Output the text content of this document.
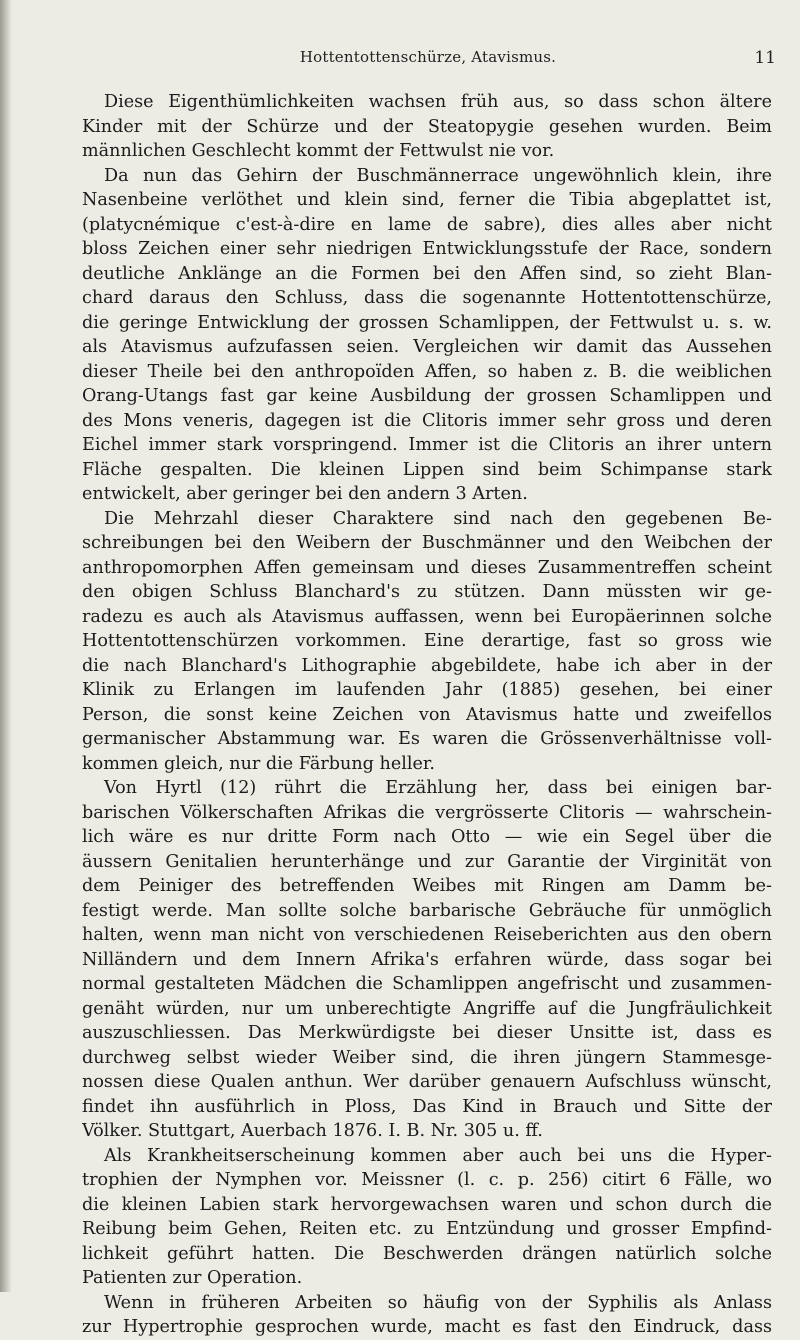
Hottentottenschürze, Atavismus.	11
Diese Eigenthümlichkeiten wachsen früh aus, so dass schon ältere
Kinder mit der Schürze und der Steatopygie gesehen wurden. Beim
männlichen Geschlecht kommt der Fettwulst nie vor.
Da nun das Gehirn der Buschmännerrace ungewöhnlich klein, ihre
Nasenbeine verlöthet und klein sind, ferner die Tibia abgeplattet ist,
(platycnémique c'est-à-dire en lame de sabre), dies alles aber nicht
bloss Zeichen einer sehr niedrigen Entwicklungsstufe der Race, sondern
deutliche Anklänge an die Formen bei den Affen sind, so zieht Blan-
chard daraus den Schluss, dass die sogenannte Hottentottenschürze,
die geringe Entwicklung der grossen Schamlippen, der Fettwulst u. s. w.
als Atavismus aufzufassen seien. Vergleichen wir damit das Aussehen
dieser Theile bei den anthropoïden Affen, so haben z. B. die weiblichen
Orang-Utangs fast gar keine Ausbildung der grossen Schamlippen und
des Mons veneris, dagegen ist die Clitoris immer sehr gross und deren
Eichel immer stark vorspringend. Immer ist die Clitoris an ihrer untern
Fläche gespalten. Die kleinen Lippen sind beim Schimpanse stark
entwickelt, aber geringer bei den andern 3 Arten.
Die Mehrzahl dieser Charaktere sind nach den gegebenen Be-
schreibungen bei den Weibern der Buschmänner und den Weibchen der
anthropomorphen Affen gemeinsam und dieses Zusammentreffen scheint
den obigen Schluss Blanchard's zu stützen. Dann müssten wir ge-
radezu es auch als Atavismus auffassen, wenn bei Europäerinnen solche
Hottentottenschürzen vorkommen. Eine derartige, fast so gross wie
die nach Blanchard's Lithographie abgebildete, habe ich aber in der
Klinik zu Erlangen im laufenden Jahr (1885) gesehen, bei einer
Person, die sonst keine Zeichen von Atavismus hatte und zweifellos
germanischer Abstammung war. Es waren die Grössenverhältnisse voll-
kommen gleich, nur die Färbung heller.
Von Hyrtl (12) rührt die Erzählung her, dass bei einigen bar-
barischen Völkerschaften Afrikas die vergrösserte Clitoris — wahrschein-
lich wäre es nur dritte Form nach Otto — wie ein Segel über die
äussern Genitalien herunterhänge und zur Garantie der Virginität von
dem Peiniger des betreffenden Weibes mit Ringen am Damm be-
festigt werde. Man sollte solche barbarische Gebräuche für unmöglich
halten, wenn man nicht von verschiedenen Reiseberichten aus den obern
Nilländern und dem Innern Afrika's erfahren würde, dass sogar bei
normal gestalteten Mädchen die Schamlippen angefrischt und zusammen-
genäht würden, nur um unberechtigte Angriffe auf die Jungfräulichkeit
auszuschliessen. Das Merkwürdigste bei dieser Unsitte ist, dass es
durchweg selbst wieder Weiber sind, die ihren jüngern Stammesge-
nossen diese Qualen anthun. Wer darüber genauern Aufschluss wünscht,
findet ihn ausführlich in Ploss, Das Kind in Brauch und Sitte der
Völker. Stuttgart, Auerbach 1876. I. B. Nr. 305 u. ff.
Als Krankheitserscheinung kommen aber auch bei uns die Hyper-
trophien der Nymphen vor. Meissner (l. c. p. 256) citirt 6 Fälle, wo
die kleinen Labien stark hervorgewachsen waren und schon durch die
Reibung beim Gehen, Reiten etc. zu Entzündung und grosser Empfind-
lichkeit geführt hatten. Die Beschwerden drängen natürlich solche
Patienten zur Operation.
Wenn in früheren Arbeiten so häufig von der Syphilis als Anlass
zur Hypertrophie gesprochen wurde, macht es fast den Eindruck, dass
